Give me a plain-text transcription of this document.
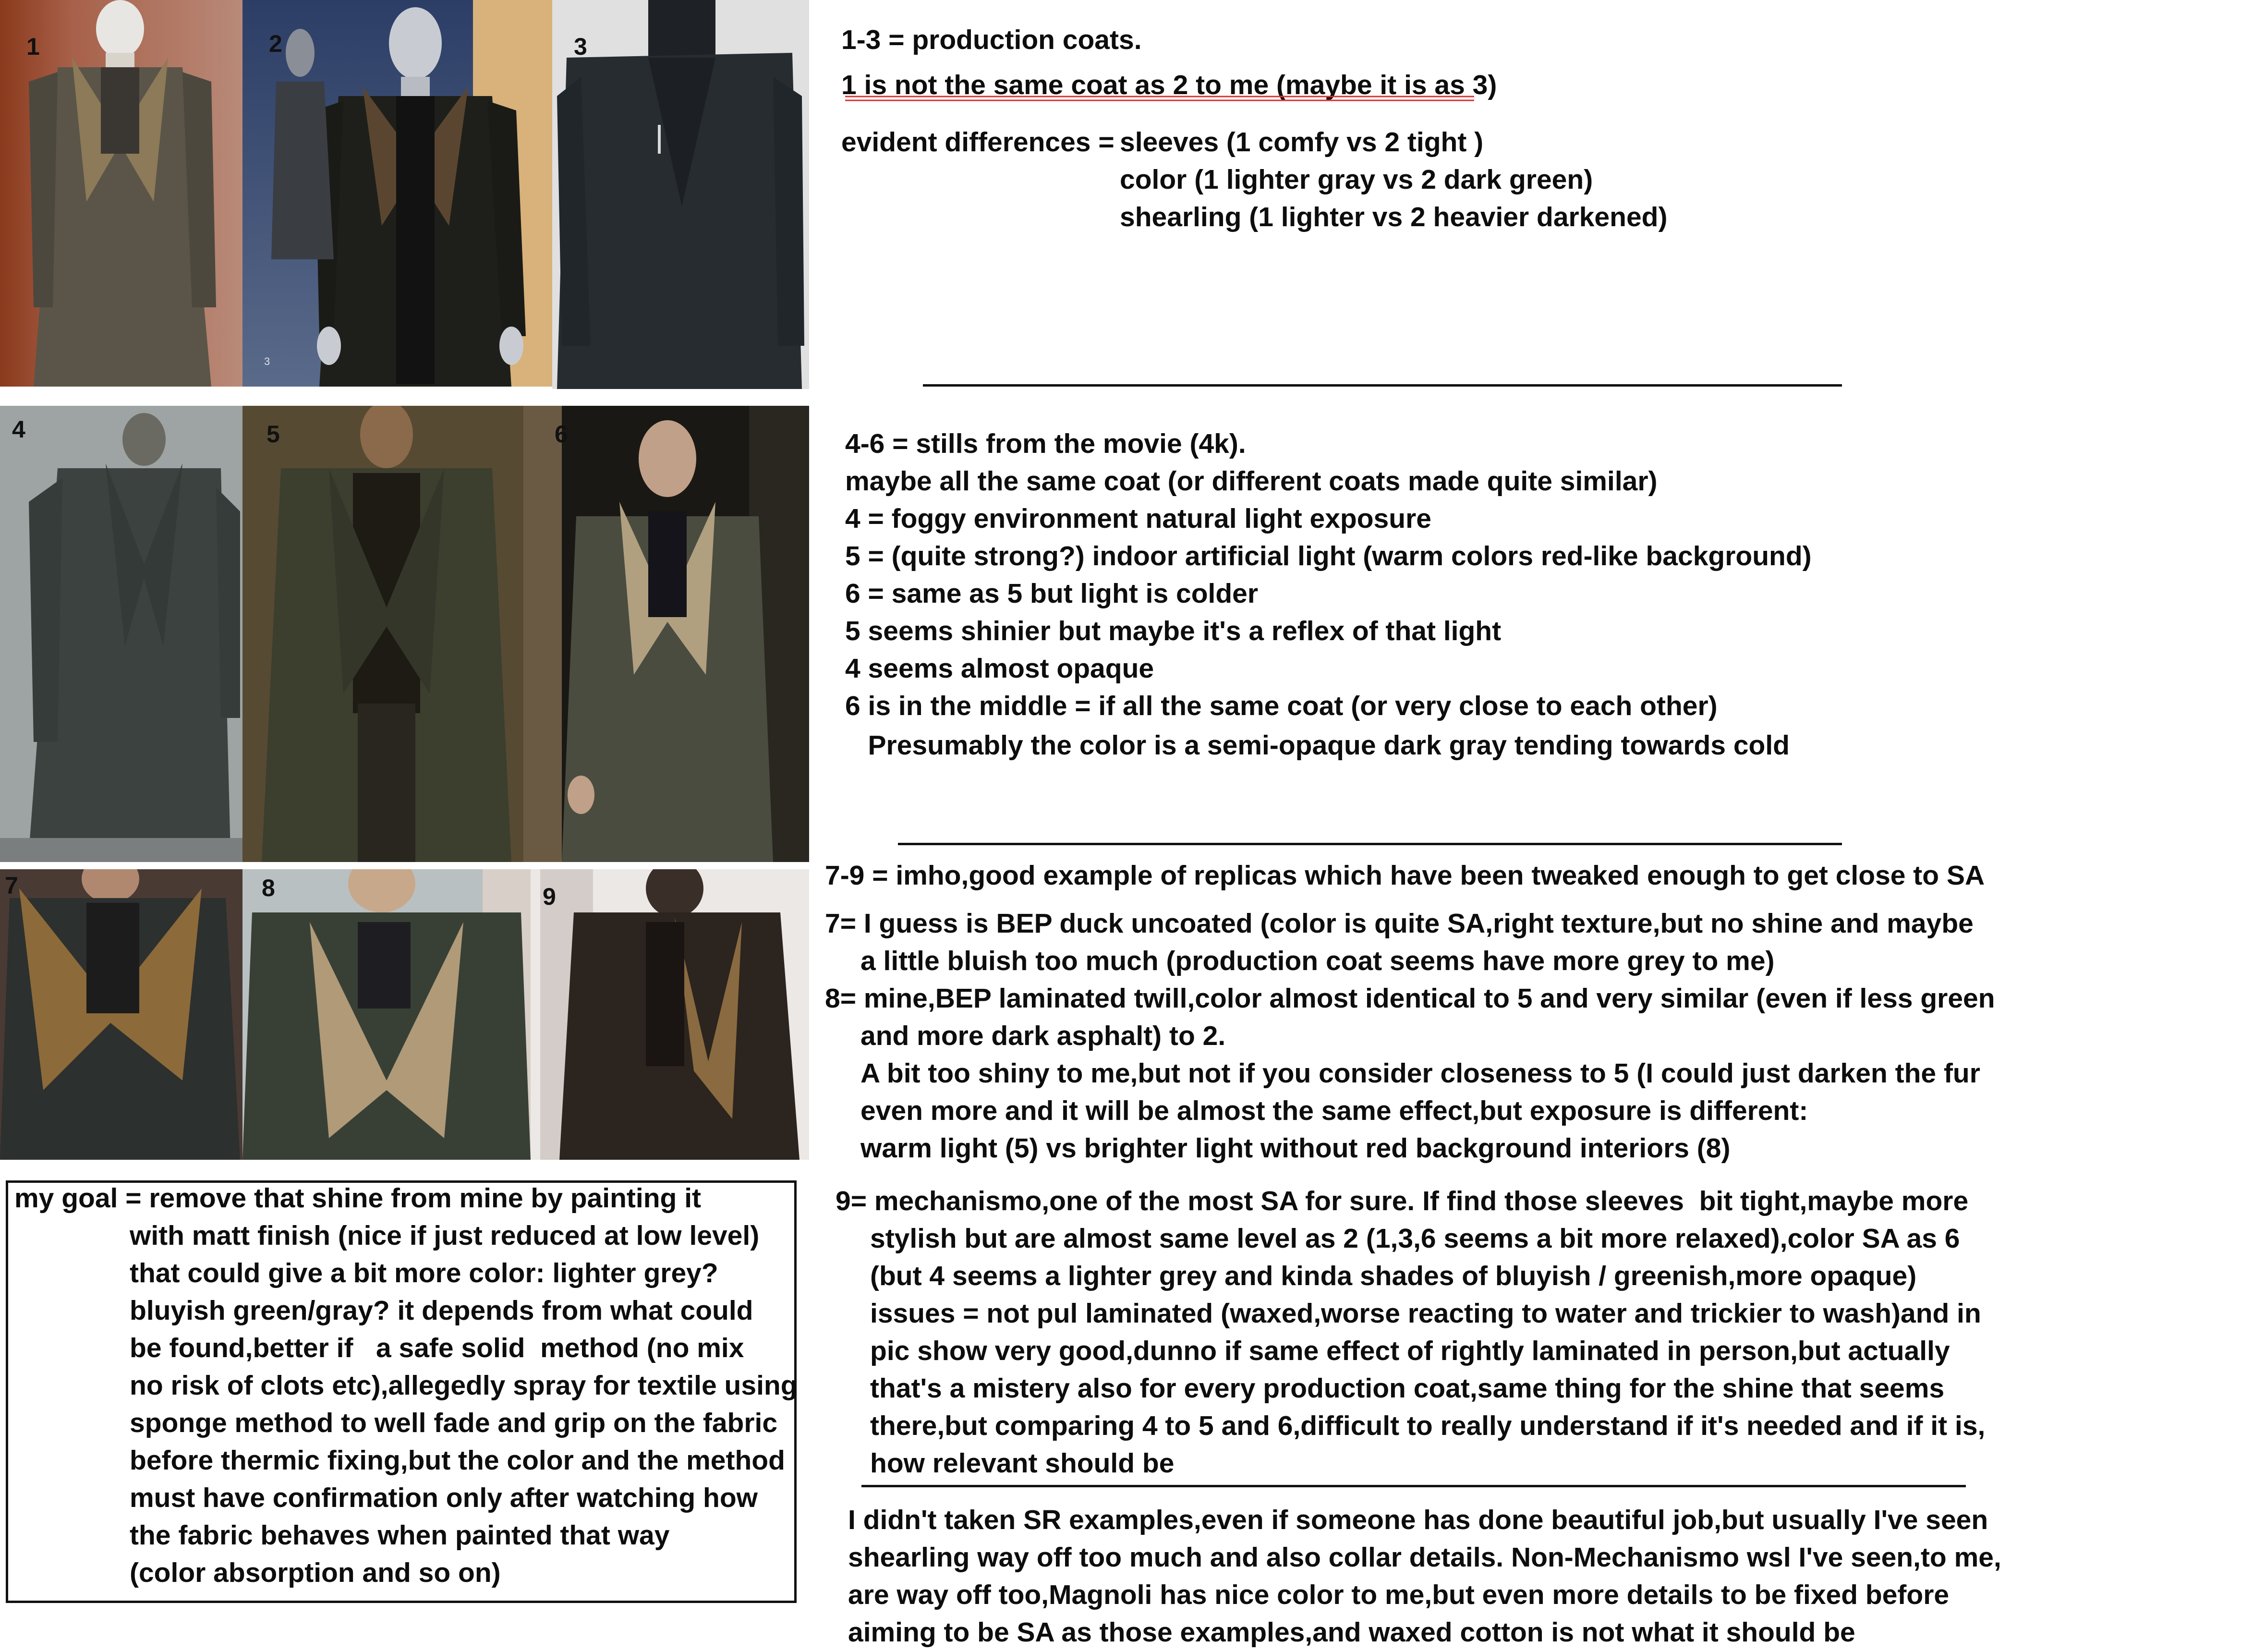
1	2	3
4	5	6
7	8	9
3
1-3 = production coats.
1 is not the same coat as 2 to me (maybe it is as 3)
evident differences = sleeves (1 comfy vs 2 tight )
color (1 lighter gray vs 2 dark green)
shearling (1 lighter vs 2 heavier darkened)
4-6 = stills from the movie (4k).
maybe all the same coat (or different coats made quite similar)
4 = foggy environment natural light exposure
5 = (quite strong?) indoor artificial light (warm colors red-like background)
6 = same as 5 but light is colder
5 seems shinier but maybe it's a reflex of that light
4 seems almost opaque
6 is in the middle = if all the same coat (or very close to each other)
Presumably the color is a semi-opaque dark gray tending towards cold
7-9 = imho,good example of replicas which have been tweaked enough to get close to SA
7= I guess is BEP duck uncoated (color is quite SA,right texture,but no shine and maybe
a little bluish too much (production coat seems have more grey to me)
8= mine,BEP laminated twill,color almost identical to 5 and very similar (even if less green
and more dark asphalt) to 2.
A bit too shiny to me,but not if you consider closeness to 5 (I could just darken the fur
even more and it will be almost the same effect,but exposure is different:
warm light (5) vs brighter light without red background interiors (8)
my goal = remove that shine from mine by painting it
with matt finish (nice if just reduced at low level)
that could give a bit more color: lighter grey?
bluyish green/gray? it depends from what could
be found,better if   a safe solid  method (no mix
no risk of clots etc),allegedly spray for textile using
sponge method to well fade and grip on the fabric
before thermic fixing,but the color and the method
must have confirmation only after watching how
the fabric behaves when painted that way
(color absorption and so on)
9= mechanismo,one of the most SA for sure. If find those sleeves  bit tight,maybe more
stylish but are almost same level as 2 (1,3,6 seems a bit more relaxed),color SA as 6
(but 4 seems a lighter grey and kinda shades of bluyish / greenish,more opaque)
issues = not pul laminated (waxed,worse reacting to water and trickier to wash)and in
pic show very good,dunno if same effect of rightly laminated in person,but actually
that's a mistery also for every production coat,same thing for the shine that seems
there,but comparing 4 to 5 and 6,difficult to really understand if it's needed and if it is,
how relevant should be
I didn't taken SR examples,even if someone has done beautiful job,but usually I've seen
shearling way off too much and also collar details. Non-Mechanismo wsl I've seen,to me,
are way off too,Magnoli has nice color to me,but even more details to be fixed before
aiming to be SA as those examples,and waxed cotton is not what it should be
